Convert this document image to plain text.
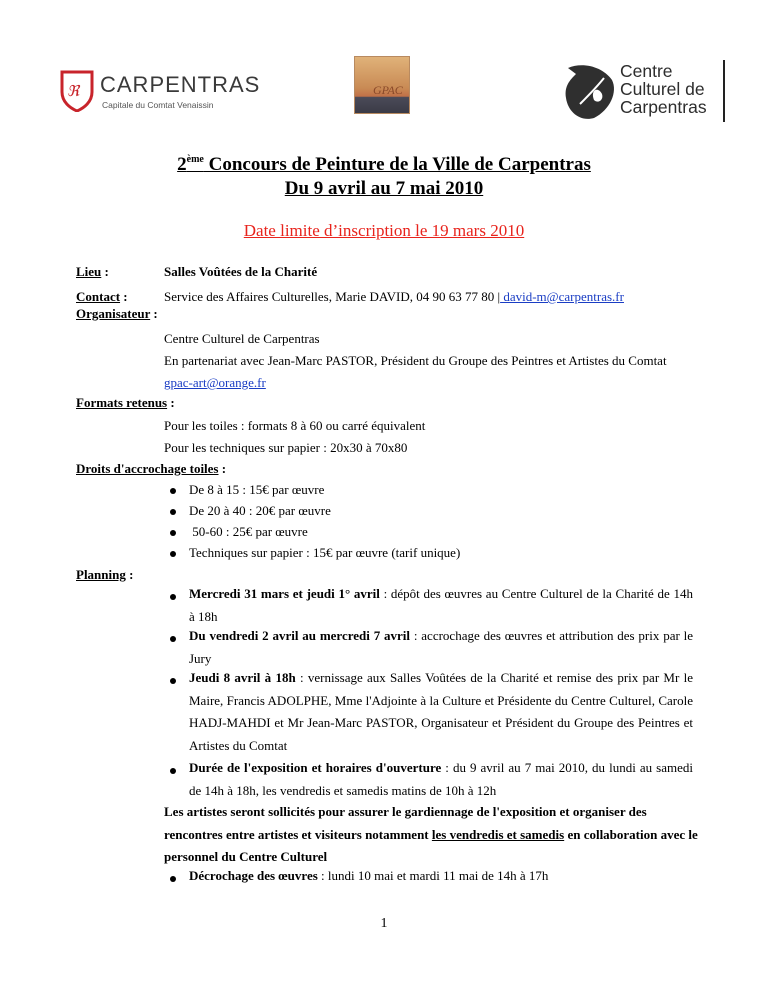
ℜ CARPENTRAS
Capitale du Comtat Venaissin
GPAC
Centre
Culturel de
Carpentras
2ème Concours de Peinture de la Ville de Carpentras
Du 9 avril au 7 mai 2010
Date limite d’inscription le 19 mars 2010
Lieu :	Salles Voûtées de la Charité
Contact :	Service des Affaires Culturelles, Marie DAVID, 04 90 63 77 80 | david-m@carpentras.fr
Organisateur :
Centre Culturel de Carpentras
En partenariat avec Jean-Marc PASTOR, Président du Groupe des Peintres et Artistes du Comtat
gpac-art@orange.fr
Formats retenus :
Pour les toiles : formats 8 à 60 ou carré équivalent
Pour les techniques sur papier : 20x30 à 70x80
Droits d'accrochage toiles :
De 8 à 15 : 15€ par œuvre
De 20 à 40 : 20€ par œuvre
50-60 : 25€ par œuvre
Techniques sur papier : 15€ par œuvre (tarif unique)
Planning :
Mercredi 31 mars et jeudi 1° avril : dépôt des œuvres au Centre Culturel de la Charité de 14h à 18h
Du vendredi 2 avril au mercredi 7 avril : accrochage des œuvres et attribution des prix par le Jury
Jeudi 8 avril à 18h : vernissage aux Salles Voûtées de la Charité et remise des prix par Mr le Maire, Francis ADOLPHE, Mme l'Adjointe à la Culture et Présidente du Centre Culturel, Carole HADJ-MAHDI et Mr Jean-Marc PASTOR, Organisateur et Président du Groupe des Peintres et Artistes du Comtat
Durée de l'exposition et horaires d'ouverture : du 9 avril au 7 mai 2010, du lundi au samedi de 14h à 18h, les vendredis et samedis matins de 10h à 12h
Les artistes seront sollicités pour assurer le gardiennage de l'exposition et organiser des rencontres entre artistes et visiteurs notamment les vendredis et samedis en collaboration avec le personnel du Centre Culturel
Décrochage des œuvres : lundi 10 mai et mardi 11 mai de 14h à 17h
1
